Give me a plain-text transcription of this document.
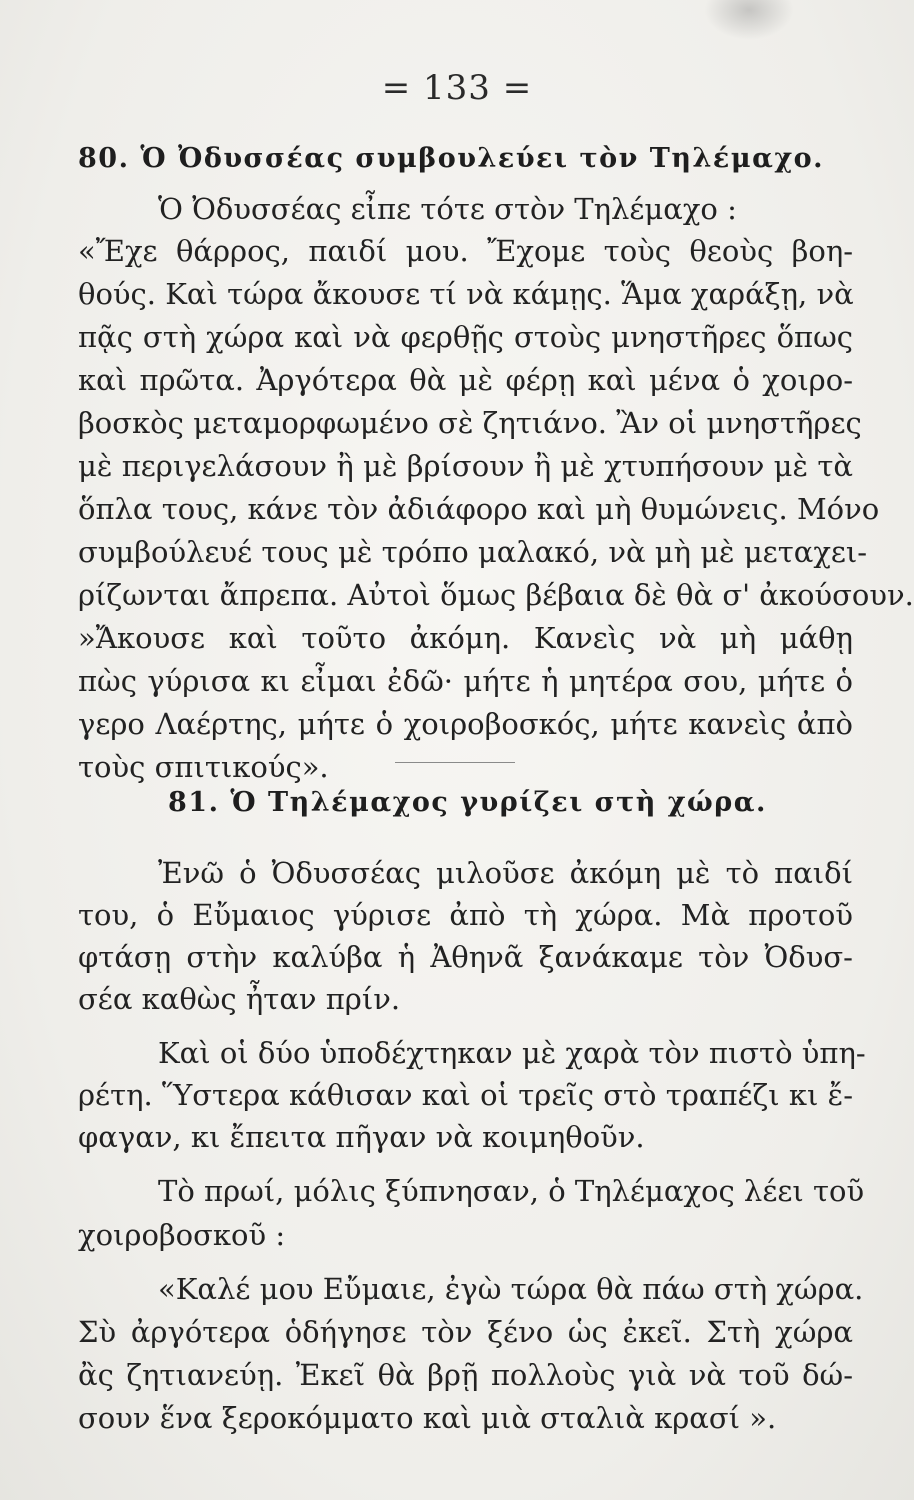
= 133 =
80. Ὁ Ὀδυσσέας συμβουλεύει τὸν Τηλέμαχο.
Ὁ Ὀδυσσέας εἶπε τότε στὸν Τηλέμαχο :
«Ἔχε θάρρος, παιδί μου. Ἔχομε τοὺς θεοὺς βοη-
θούς. Καὶ τώρα ἄκουσε τί νὰ κάμῃς. Ἅμα χαράξῃ, νὰ
πᾷς στὴ χώρα καὶ νὰ φερθῇς στοὺς μνηστῆρες ὅπως
καὶ πρῶτα. Ἀργότερα θὰ μὲ φέρῃ καὶ μένα ὁ χοιρο-
βοσκὸς μεταμορφωμένο σὲ ζητιάνο. Ἂν οἱ μνηστῆρες
μὲ περιγελάσουν ἢ μὲ βρίσουν ἢ μὲ χτυπήσουν μὲ τὰ
ὅπλα τους, κάνε τὸν ἀδιάφορο καὶ μὴ θυμώνεις. Μόνο
συμβούλευέ τους μὲ τρόπο μαλακό, νὰ μὴ μὲ μεταχει-
ρίζωνται ἄπρεπα. Αὐτοὶ ὅμως βέβαια δὲ θὰ σ' ἀκούσουν.
»Ἄκουσε καὶ τοῦτο ἀκόμη. Κανεὶς νὰ μὴ μάθῃ
πὼς γύρισα κι εἶμαι ἐδῶ· μήτε ἡ μητέρα σου, μήτε ὁ
γερο Λαέρτης, μήτε ὁ χοιροβοσκός, μήτε κανεὶς ἀπὸ
τοὺς σπιτικούς».
81. Ὁ Τηλέμαχος γυρίζει στὴ χώρα.
Ἐνῶ ὁ Ὀδυσσέας μιλοῦσε ἀκόμη μὲ τὸ παιδί
του, ὁ Εὔμαιος γύρισε ἀπὸ τὴ χώρα. Μὰ προτοῦ
φτάσῃ στὴν καλύβα ἡ Ἀθηνᾶ ξανάκαμε τὸν Ὀδυσ-
σέα καθὼς ἦταν πρίν.
Καὶ οἱ δύο ὑποδέχτηκαν μὲ χαρὰ τὸν πιστὸ ὑπη-
ρέτη. Ὕστερα κάθισαν καὶ οἱ τρεῖς στὸ τραπέζι κι ἔ-
φαγαν, κι ἔπειτα πῆγαν νὰ κοιμηθοῦν.
Τὸ πρωί, μόλις ξύπνησαν, ὁ Τηλέμαχος λέει τοῦ
χοιροβοσκοῦ :
«Καλέ μου Εὔμαιε, ἐγὼ τώρα θὰ πάω στὴ χώρα.
Σὺ ἀργότερα ὁδήγησε τὸν ξένο ὡς ἐκεῖ. Στὴ χώρα
ἂς ζητιανεύῃ. Ἐκεῖ θὰ βρῇ πολλοὺς γιὰ νὰ τοῦ δώ-
σουν ἕνα ξεροκόμματο καὶ μιὰ σταλιὰ κρασί ».
